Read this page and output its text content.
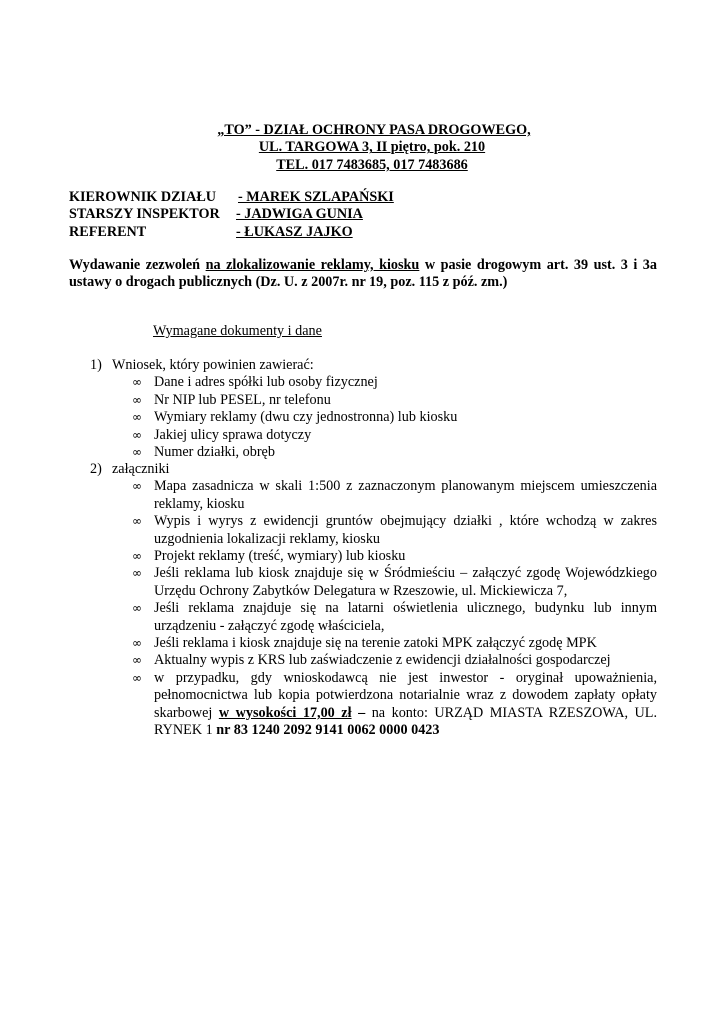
„TO” - DZIAŁ OCHRONY PASA DROGOWEGO,
UL. TARGOWA 3, II piętro, pok. 210
TEL. 017 7483685, 017 7483686
KIEROWNIK DZIAŁU - MAREK SZLAPAŃSKI
STARSZY INSPEKTOR - JADWIGA GUNIA
REFERENT	- ŁUKASZ JAJKO
Wydawanie zezwoleń na zlokalizowanie reklamy, kiosku w pasie drogowym art. 39 ust. 3 i 3a ustawy o drogach publicznych (Dz. U. z 2007r. nr 19, poz. 115 z póź. zm.)
Wymagane dokumenty i dane
1) Wniosek, który powinien zawierać:
∞ Dane i adres spółki lub osoby fizycznej
∞ Nr NIP lub PESEL, nr telefonu
∞ Wymiary reklamy (dwu czy jednostronna) lub kiosku
∞ Jakiej ulicy sprawa dotyczy
∞ Numer działki, obręb
2) załączniki
∞ Mapa zasadnicza w skali 1:500 z zaznaczonym planowanym miejscem umieszczenia reklamy, kiosku
∞ Wypis i wyrys z ewidencji gruntów obejmujący działki , które wchodzą w zakres uzgodnienia lokalizacji reklamy, kiosku
∞ Projekt reklamy (treść, wymiary) lub kiosku
∞ Jeśli reklama lub kiosk znajduje się w Śródmieściu – załączyć zgodę Wojewódzkiego Urzędu Ochrony Zabytków Delegatura w Rzeszowie, ul. Mickiewicza 7,
∞ Jeśli reklama znajduje się na latarni oświetlenia ulicznego, budynku lub innym urządzeniu - załączyć zgodę właściciela,
∞ Jeśli reklama i kiosk znajduje się na terenie zatoki MPK załączyć zgodę MPK
∞ Aktualny wypis z KRS lub zaświadczenie z ewidencji działalności gospodarczej
∞ w przypadku, gdy wnioskodawcą nie jest inwestor - oryginał upoważnienia, pełnomocnictwa lub kopia potwierdzona notarialnie wraz z dowodem zapłaty opłaty skarbowej w wysokości 17,00 zł – na konto: URZĄD MIASTA RZESZOWA, UL. RYNEK 1 nr 83 1240 2092 9141 0062 0000 0423
